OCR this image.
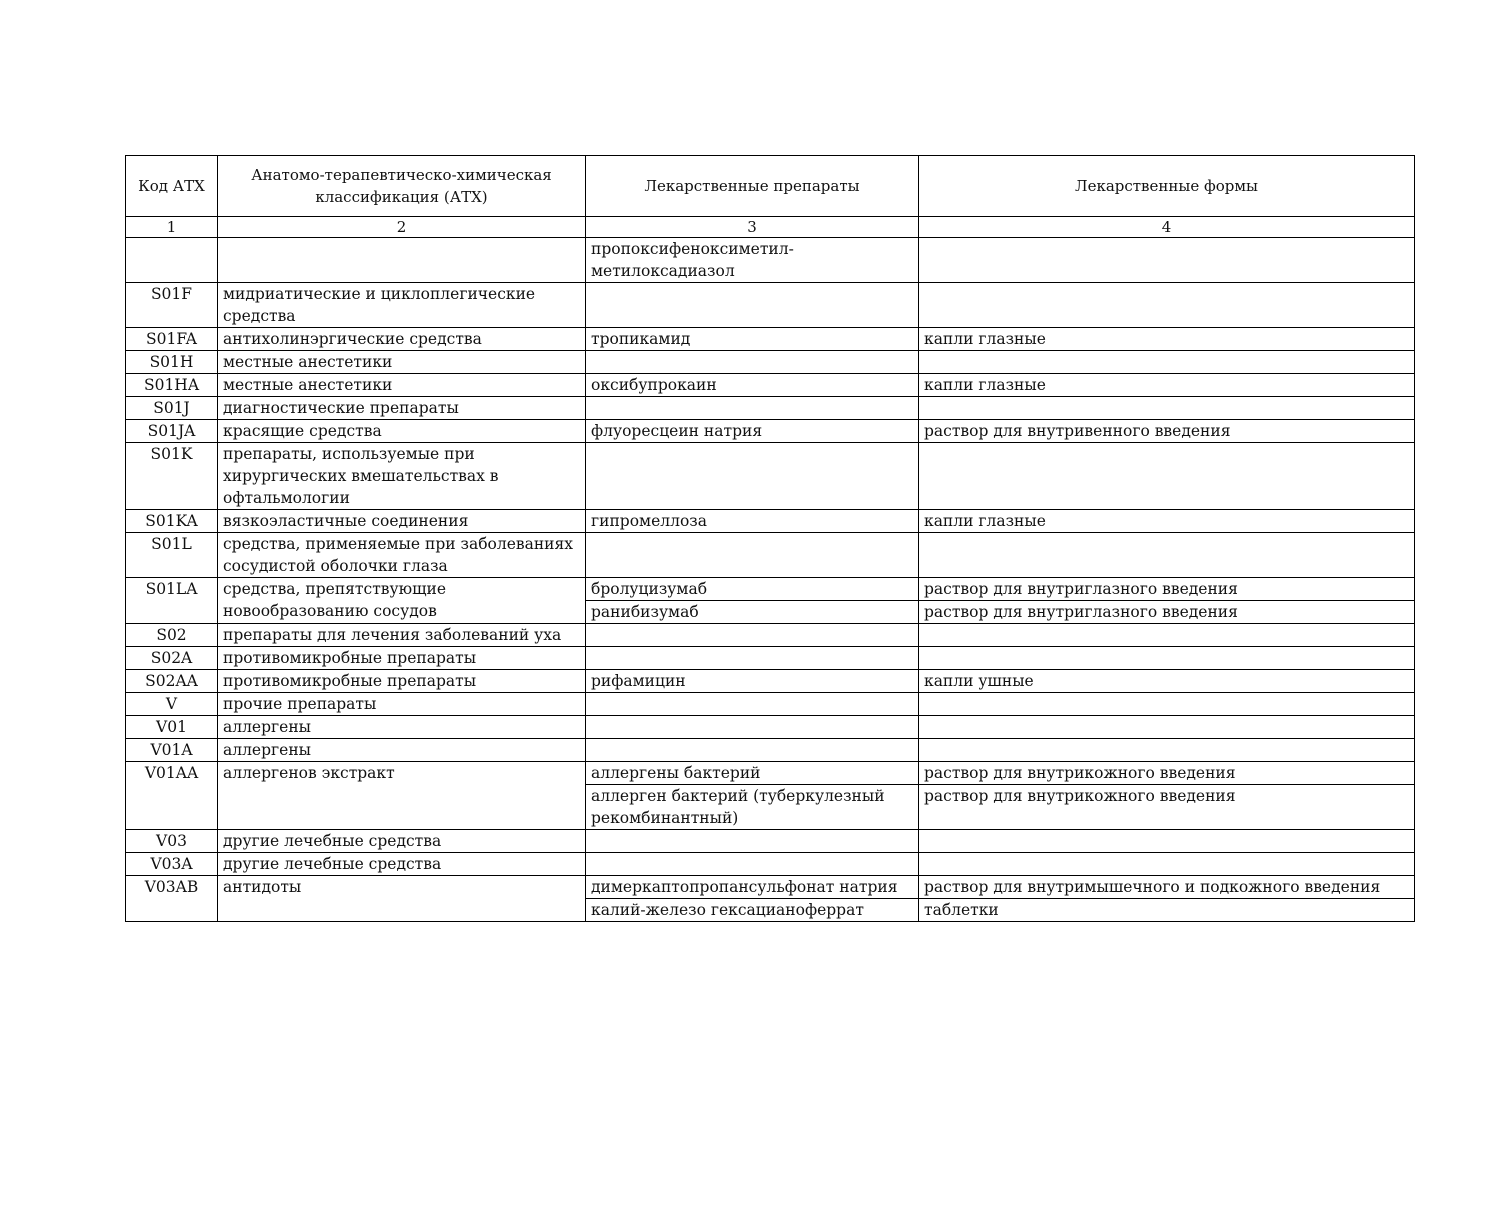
Код АТХ	Анатомо-терапевтическо-химическая классификация (АТХ)	Лекарственные препараты	Лекарственные формы
1	2	3	4
		пропоксифеноксиметил-метилоксадиазол	
S01F	мидриатические и циклоплегические средства		
S01FA	антихолинэргические средства	тропикамид	капли глазные
S01H	местные анестетики		
S01HA	местные анестетики	оксибупрокаин	капли глазные
S01J	диагностические препараты		
S01JA	красящие средства	флуоресцеин натрия	раствор для внутривенного введения
S01K	препараты, используемые при хирургических вмешательствах в офтальмологии		
S01KA	вязкоэластичные соединения	гипромеллоза	капли глазные
S01L	средства, применяемые при заболеваниях сосудистой оболочки глаза		
S01LA	средства, препятствующие новообразованию сосудов	бролуцизумаб	раствор для внутриглазного введения
		ранибизумаб	раствор для внутриглазного введения
S02	препараты для лечения заболеваний уха		
S02A	противомикробные препараты		
S02AA	противомикробные препараты	рифамицин	капли ушные
V	прочие препараты		
V01	аллергены		
V01A	аллергены		
V01AA	аллергенов экстракт	аллергены бактерий	раствор для внутрикожного введения
		аллерген бактерий (туберкулезный рекомбинантный)	раствор для внутрикожного введения
V03	другие лечебные средства		
V03A	другие лечебные средства		
V03AB	антидоты	димеркаптопропансульфонат натрия	раствор для внутримышечного и подкожного введения
		калий-железо гексацианоферрат	таблетки
